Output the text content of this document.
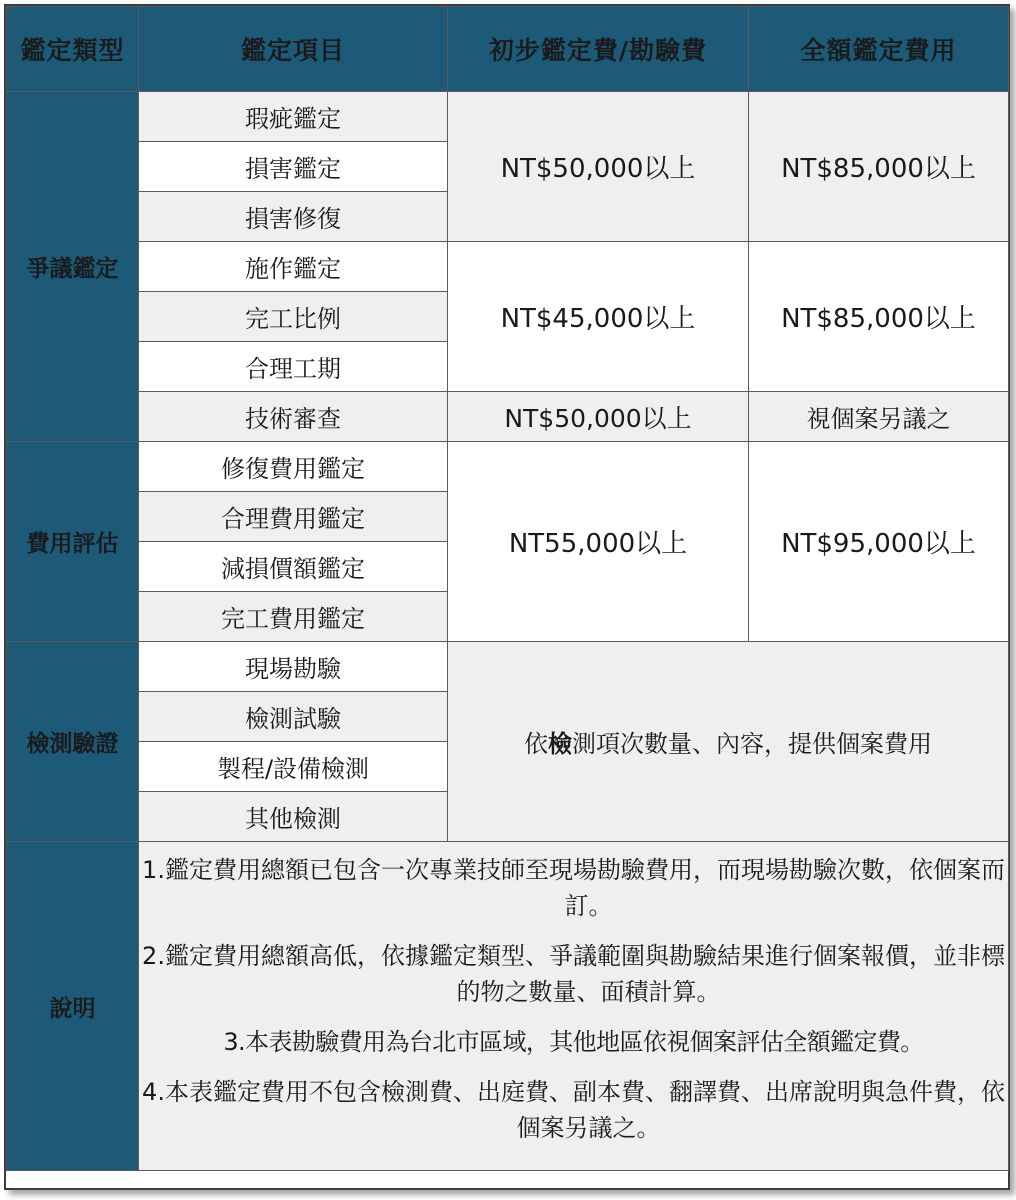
鑑定類型	鑑定項目	初步鑑定費/勘驗費	全額鑑定費用
爭議鑑定	瑕疵鑑定	NT$50,000以上	NT$85,000以上
	損害鑑定		
	損害修復		
	施作鑑定	NT$45,000以上	NT$85,000以上
	完工比例		
	合理工期		
	技術審查	NT$50,000以上	視個案另議之
費用評估	修復費用鑑定	NT55,000以上	NT$95,000以上
	合理費用鑑定		
	減損價額鑑定		
	完工費用鑑定		
檢測驗證	現場勘驗	依檢測項次數量、內容，提供個案費用	
	檢測試驗		
	製程/設備檢測		
	其他檢測		
說明	1.鑑定費用總額已包含一次專業技師至現場勘驗費用，而現場勘驗次數，依個案而訂。
2.鑑定費用總額高低，依據鑑定類型、爭議範圍與勘驗結果進行個案報價，並非標的物之數量、面積計算。
3.本表勘驗費用為台北市區域，其他地區依視個案評估全額鑑定費。
4.本表鑑定費用不包含檢測費、出庭費、副本費、翻譯費、出席說明與急件費，依個案另議之。		
